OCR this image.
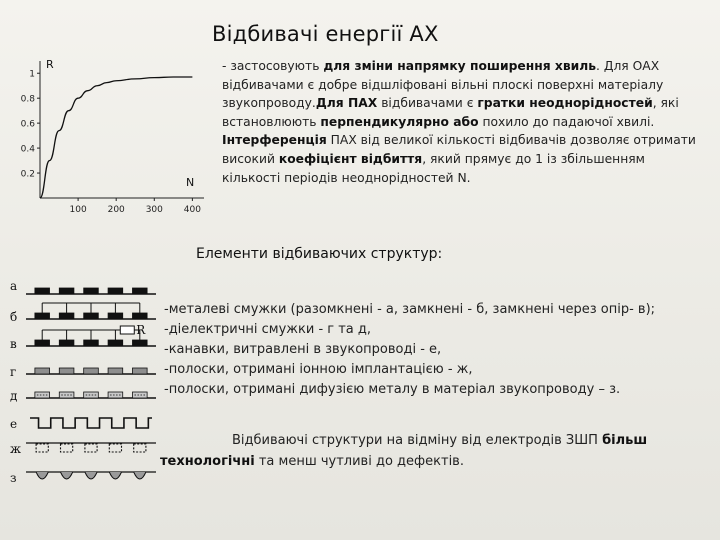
Відбивачі енергії АХ
R
N
0.2
0.4
0.6
0.8
1
100 200 300 400
- застосовують для зміни напрямку поширення хвиль. Для ОАХ відбивачами є добре відшліфовані вільні плоскі поверхні матеріалу звукопроводу.Для ПАХ відбивачами є гратки неоднорідностей, які встановлюють перпендикулярно або похило до падаючої хвилі. Інтерференція ПАХ від великої кількості відбивачів дозволяє отримати високий коефіцієнт відбиття, який прямує до 1 із збільшенням кількості періодів неоднорідностей N.
Елементи відбиваючих структур:
а
б
в
R
г
д
е
ж
з
-металеві смужки (разомкнені - а, замкнені - б, замкнені через опір- в);
-діелектричні смужки - г та д,
-канавки, витравлені в звукопроводі - е,
-полоски, отримані іонною імплантацією - ж,
-полоски, отримані дифузією металу в матеріал звукопроводу – з.
Відбиваючі структури на відміну від електродів ЗШП більш технологічні та менш чутливі до дефектів.
